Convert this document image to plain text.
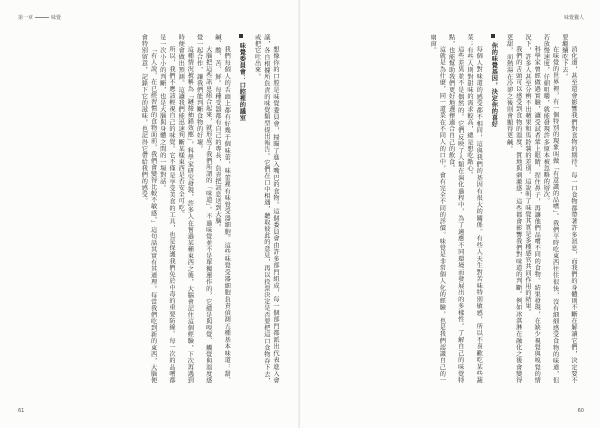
第一章	味覺

想像你的口腔是味覺委員會，掃瞄了進入嘴巴的食物。這個委員會由許多部門組成，每一個部門都派出代表進入會議，各自根據所負責的味覺類型提出報告。它們在口中相遇，聽取彼此的意見，再以投票決定是否要把這口食物吞下去，或把它吐出來。

味覺委員會：口腔裡的議室

我們每個人的舌頭上都有好幾千個味蕾，味蕾裡有味覺受器細胞。這些味覺受器細胞負責偵測五種基本味道：甜、鹹、酸、苦、鮮。每種受器都有自己的專長，負責把訊息送到大腦。

大腦把這些訊息組合起來，就形成了我們所謂的「味道」。不過味覺並不是單獨運作的，它總是與嗅覺、觸覺與溫度感覺一起合作，讓我們能判斷食物的好壞。

這種情況被稱為「鏈接抽錯效應」，科學家研究發現，許多人在嘗過某種東西之後，大腦會記住這個經驗，下次再遇到時便會做出預測。這讓我們能迅速判斷某樣東西是否安全可吃。

所以，我們不應該輕視自己的味覺。它不僅是享受美食的工具，也是保護我們免於中毒的重要防線。每一次的品嚐都是一次小小的判斷，也是大腦與身體之間的一場對話。

「有人說，在已經習慣的食物面前，我們會變得比較不敏感。」這句話其實有其道理。每當我們吃到新的東西，大腦便會特別留意，記錄下它的滋味，也記得它帶給我們的感受。

61
味覺獵人

消化道，甚至還會影響我們對食物的期待。每一口食物都帶著許多訊息，而我們的身體則不斷在解讀它們，決定要不要繼續吃下去。

在味覺的世界裡，有一個特別的現象叫做「有意識的品嚐」。我們平時吃東西往往很快，沒有細細感受食物的味道，但若放慢速度，仔細咀嚼，就能發現許多原本被忽略的層次。

科學家曾經做過實驗，讓受試者蒙上眼睛、捏住鼻子，再讓他們品嚐不同的食物。結果發現，在缺少視覺與嗅覺的情況下，許多人甚至分辨不出蘋果和馬鈴薯的差別。這說明了味覺其實是多種感官共同作用的結果。

我們的舌頭可以感受到食物的溫度、質地與刺激感，這些都會影響我們對味道的判斷。例如冰淇淋在融化之後會變得更甜，而熱湯在冷卻之後則會顯得更鹹。

你的味覺基因，決定你的喜好

每個人對味道的感受都不相同，這與我們的基因有很大的關係。有些人天生對苦味特別敏感，所以不喜歡吃某些蔬菜；有些人則對甜味的需求較高，總是想吃點心。

這些差異並不是偶然的。它們反映了人類在演化過程中，為了適應不同環境而發展出的多樣性。了解自己的味覺特點，也能幫助我們更好地選擇適合自己的飲食。

這就是為什麼，同一道菜在不同人的口中，會有完全不同的評價。味覺是非常個人化的經驗，也是我們認識自己的一扇窗。

60
